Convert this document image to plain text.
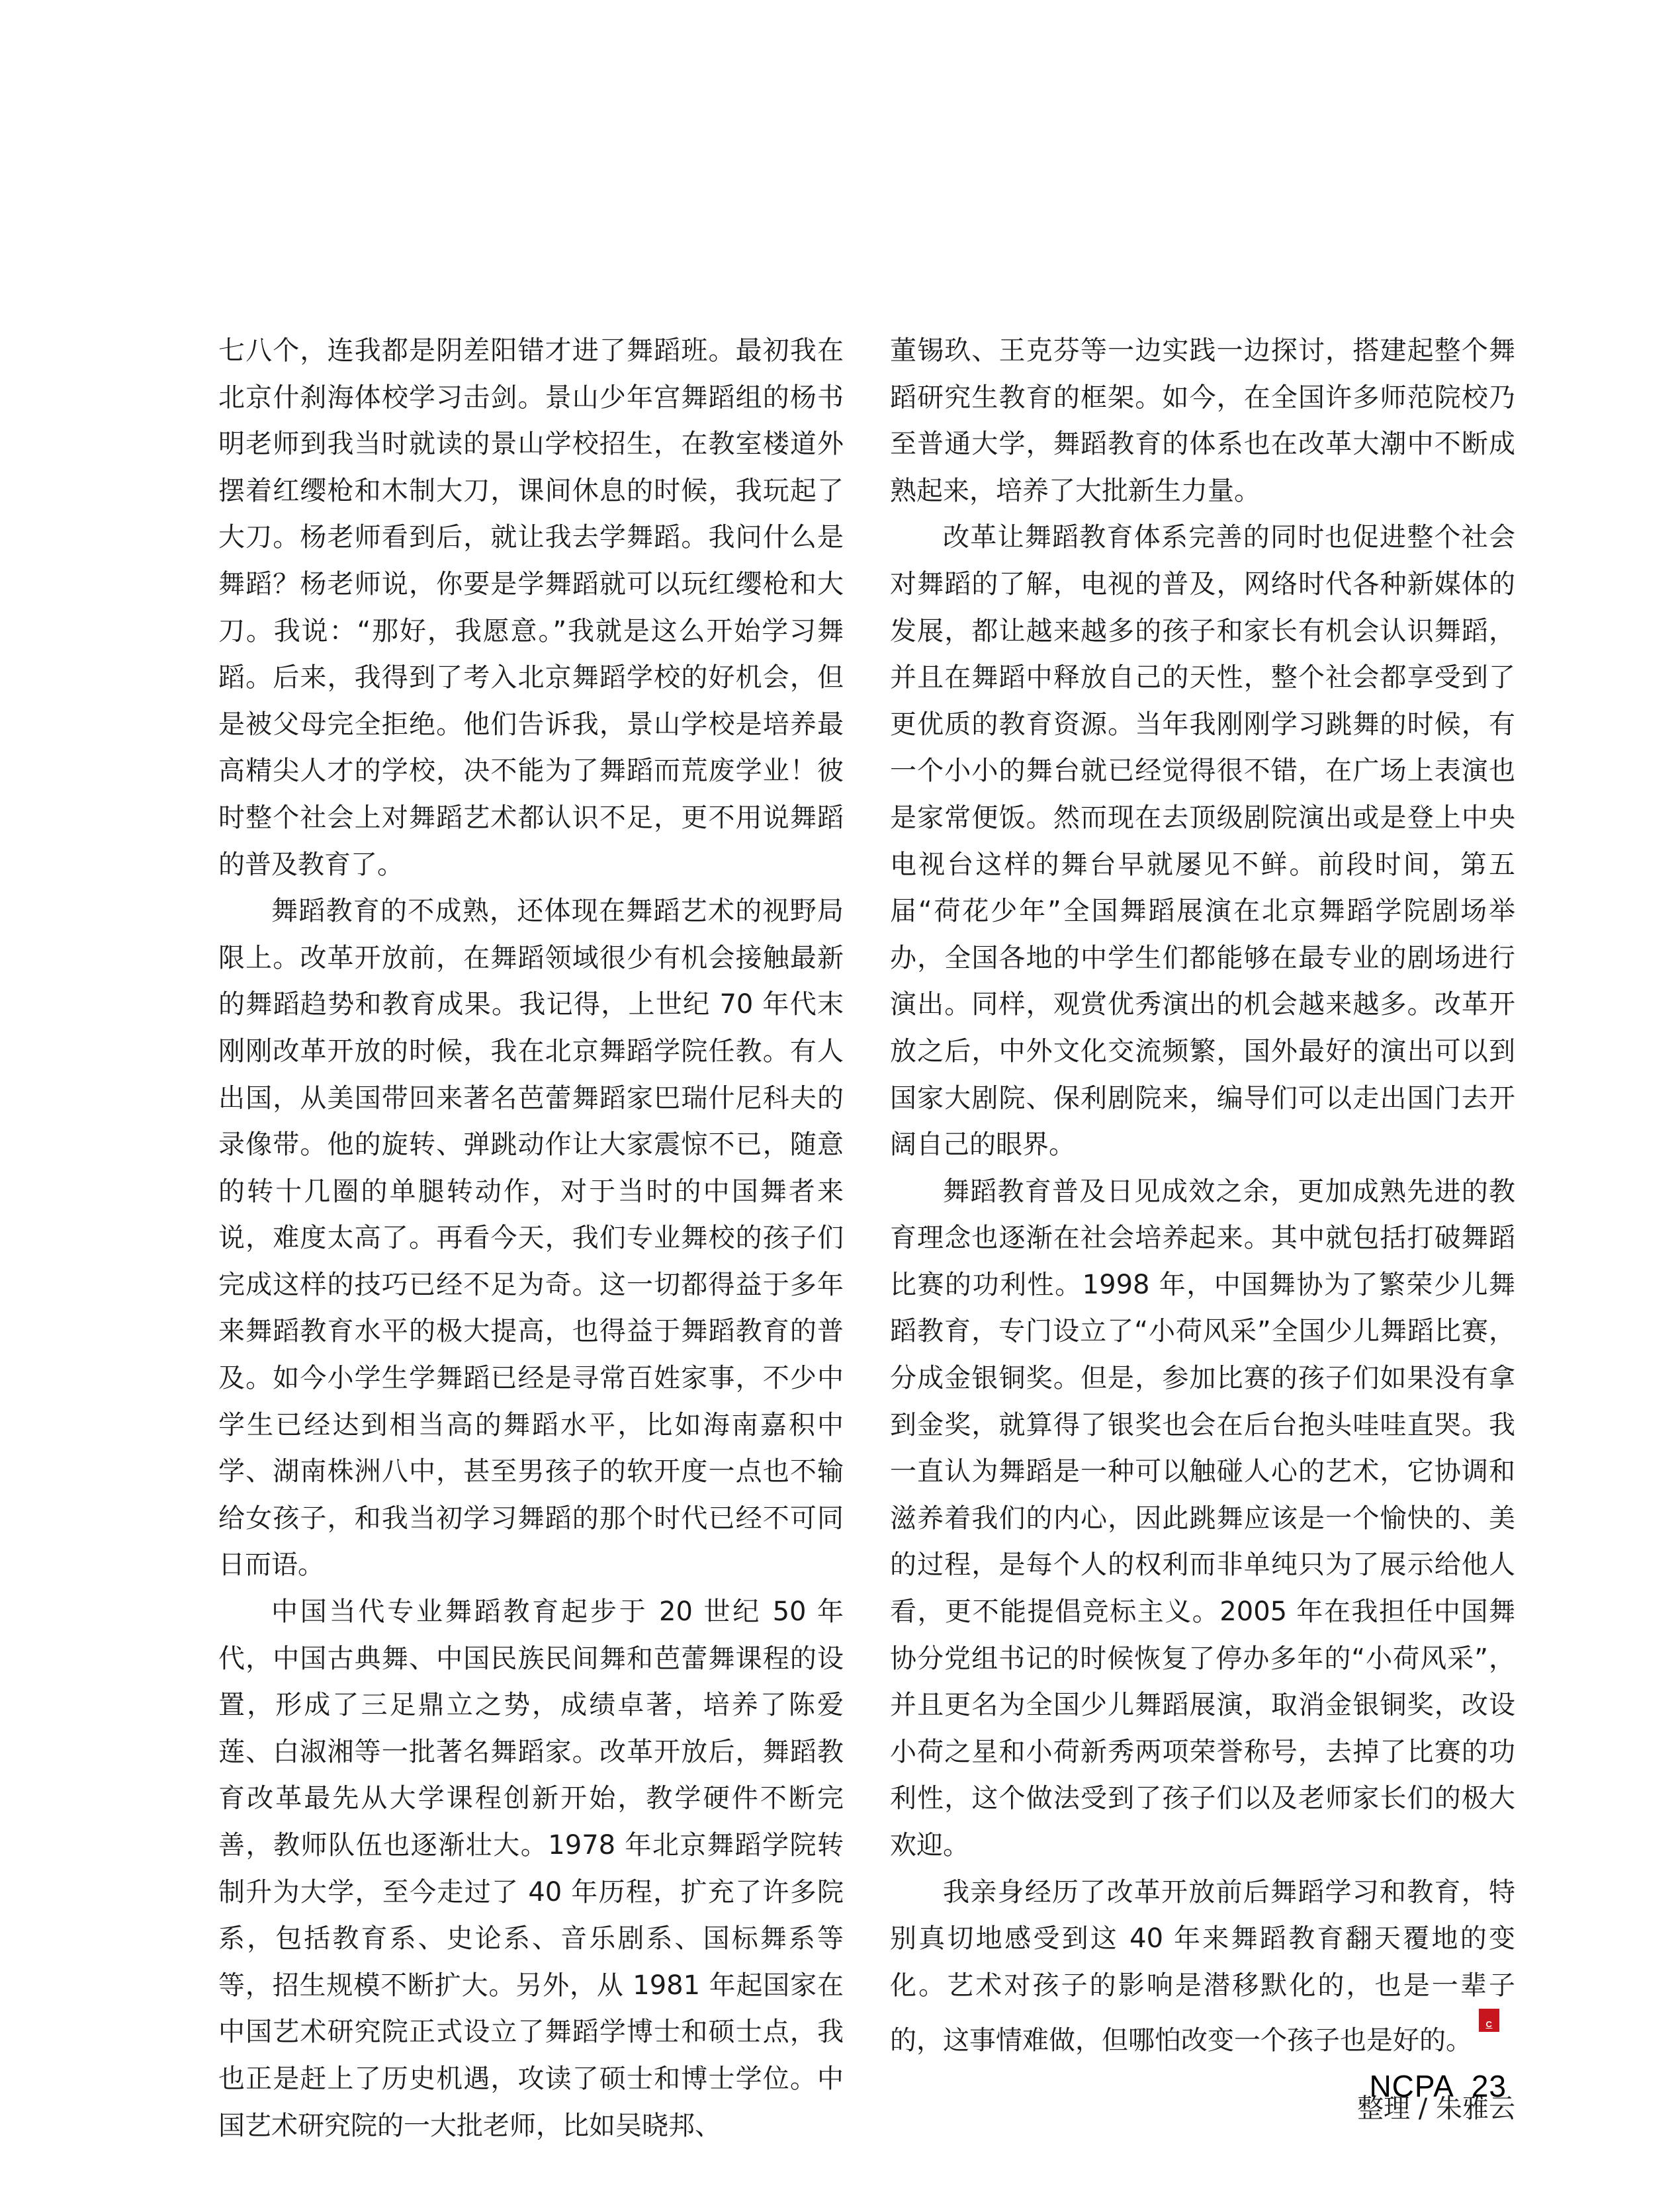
七八个，连我都是阴差阳错才进了舞蹈班。最初我在北京什刹海体校学习击剑。景山少年宫舞蹈组的杨书明老师到我当时就读的景山学校招生，在教室楼道外摆着红缨枪和木制大刀，课间休息的时候，我玩起了大刀。杨老师看到后，就让我去学舞蹈。我问什么是舞蹈？杨老师说，你要是学舞蹈就可以玩红缨枪和大刀。我说：“那好，我愿意。”我就是这么开始学习舞蹈。后来，我得到了考入北京舞蹈学校的好机会，但是被父母完全拒绝。他们告诉我，景山学校是培养最高精尖人才的学校，决不能为了舞蹈而荒废学业！彼时整个社会上对舞蹈艺术都认识不足，更不用说舞蹈的普及教育了。

舞蹈教育的不成熟，还体现在舞蹈艺术的视野局限上。改革开放前，在舞蹈领域很少有机会接触最新的舞蹈趋势和教育成果。我记得，上世纪 70 年代末刚刚改革开放的时候，我在北京舞蹈学院任教。有人出国，从美国带回来著名芭蕾舞蹈家巴瑞什尼科夫的录像带。他的旋转、弹跳动作让大家震惊不已，随意的转十几圈的单腿转动作，对于当时的中国舞者来说，难度太高了。再看今天，我们专业舞校的孩子们完成这样的技巧已经不足为奇。这一切都得益于多年来舞蹈教育水平的极大提高，也得益于舞蹈教育的普及。如今小学生学舞蹈已经是寻常百姓家事，不少中学生已经达到相当高的舞蹈水平，比如海南嘉积中学、湖南株洲八中，甚至男孩子的软开度一点也不输给女孩子，和我当初学习舞蹈的那个时代已经不可同日而语。

中国当代专业舞蹈教育起步于 20 世纪 50 年代，中国古典舞、中国民族民间舞和芭蕾舞课程的设置，形成了三足鼎立之势，成绩卓著，培养了陈爱莲、白淑湘等一批著名舞蹈家。改革开放后，舞蹈教育改革最先从大学课程创新开始，教学硬件不断完善，教师队伍也逐渐壮大。1978 年北京舞蹈学院转制升为大学，至今走过了 40 年历程，扩充了许多院系，包括教育系、史论系、音乐剧系、国标舞系等等，招生规模不断扩大。另外，从 1981 年起国家在中国艺术研究院正式设立了舞蹈学博士和硕士点，我也正是赶上了历史机遇，攻读了硕士和博士学位。中国艺术研究院的一大批老师，比如吴晓邦、

董锡玖、王克芬等一边实践一边探讨，搭建起整个舞蹈研究生教育的框架。如今，在全国许多师范院校乃至普通大学，舞蹈教育的体系也在改革大潮中不断成熟起来，培养了大批新生力量。

改革让舞蹈教育体系完善的同时也促进整个社会对舞蹈的了解，电视的普及，网络时代各种新媒体的发展，都让越来越多的孩子和家长有机会认识舞蹈，并且在舞蹈中释放自己的天性，整个社会都享受到了更优质的教育资源。当年我刚刚学习跳舞的时候，有一个小小的舞台就已经觉得很不错，在广场上表演也是家常便饭。然而现在去顶级剧院演出或是登上中央电视台这样的舞台早就屡见不鲜。前段时间，第五届“荷花少年”全国舞蹈展演在北京舞蹈学院剧场举办，全国各地的中学生们都能够在最专业的剧场进行演出。同样，观赏优秀演出的机会越来越多。改革开放之后，中外文化交流频繁，国外最好的演出可以到国家大剧院、保利剧院来，编导们可以走出国门去开阔自己的眼界。

舞蹈教育普及日见成效之余，更加成熟先进的教育理念也逐渐在社会培养起来。其中就包括打破舞蹈比赛的功利性。1998 年，中国舞协为了繁荣少儿舞蹈教育，专门设立了“小荷风采”全国少儿舞蹈比赛，分成金银铜奖。但是，参加比赛的孩子们如果没有拿到金奖，就算得了银奖也会在后台抱头哇哇直哭。我一直认为舞蹈是一种可以触碰人心的艺术，它协调和滋养着我们的内心，因此跳舞应该是一个愉快的、美的过程，是每个人的权利而非单纯只为了展示给他人看，更不能提倡竞标主义。2005 年在我担任中国舞协分党组书记的时候恢复了停办多年的“小荷风采”，并且更名为全国少儿舞蹈展演，取消金银铜奖，改设小荷之星和小荷新秀两项荣誉称号，去掉了比赛的功利性，这个做法受到了孩子们以及老师家长们的极大欢迎。

我亲身经历了改革开放前后舞蹈学习和教育，特别真切地感受到这 40 年来舞蹈教育翻天覆地的变化。艺术对孩子的影响是潜移默化的，也是一辈子的，这事情难做，但哪怕改变一个孩子也是好的。
$\frac{NC}{PA}$

整理 / 朱雅云
NCPA 23
